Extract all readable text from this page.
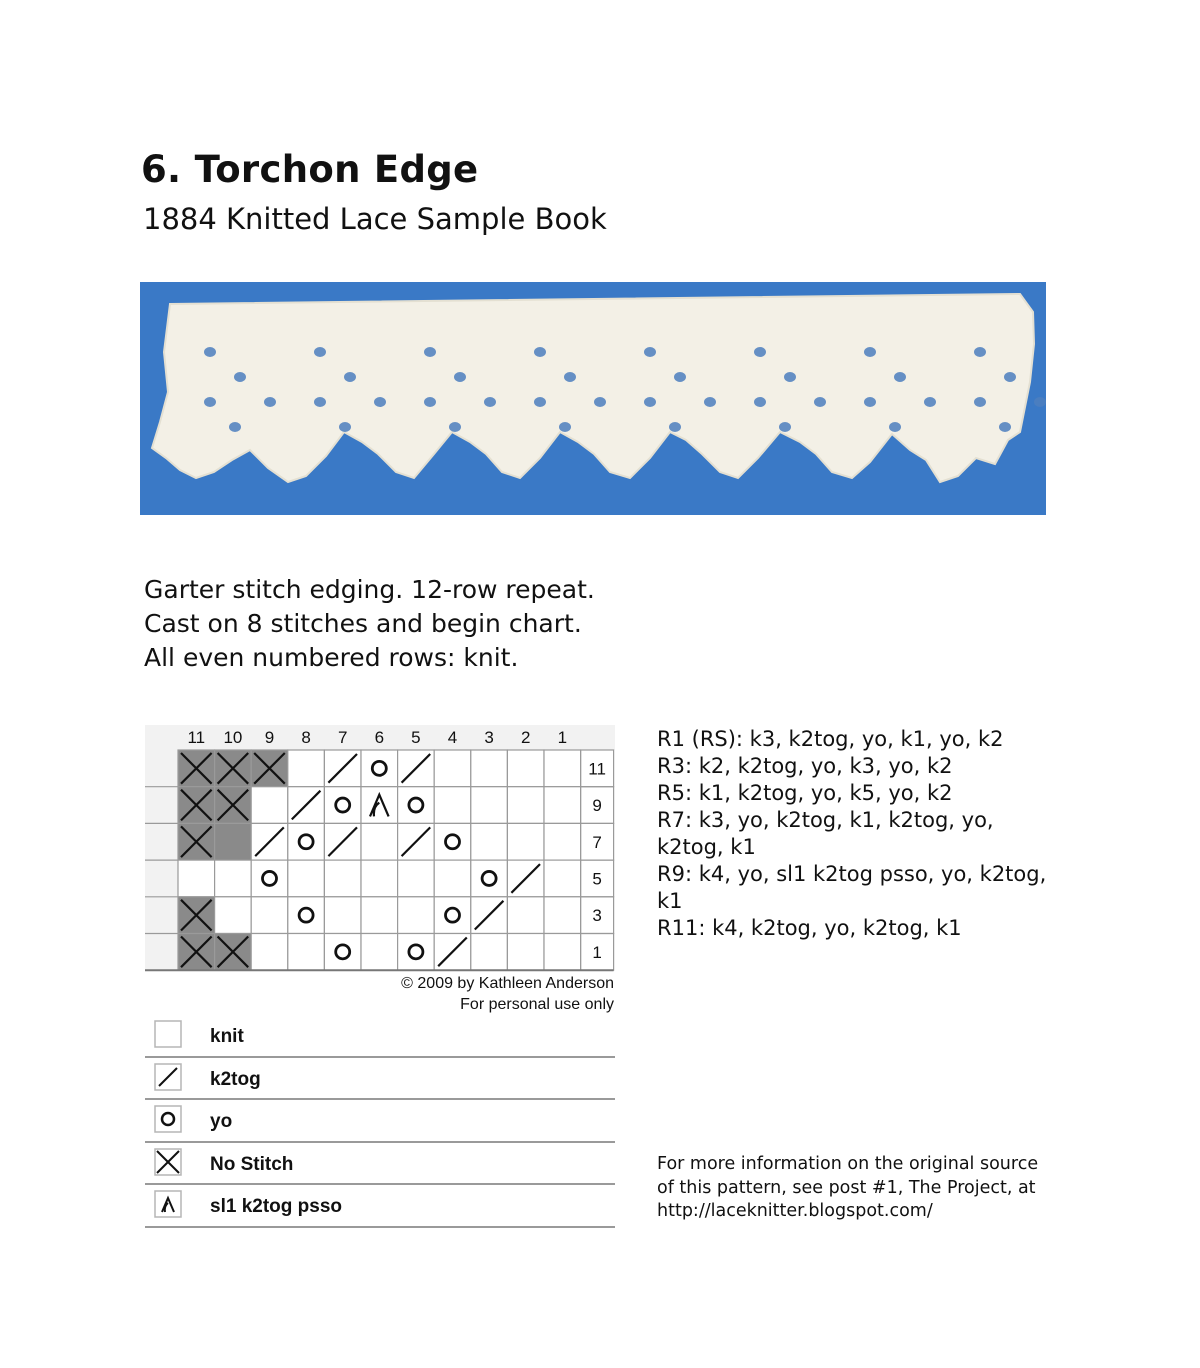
6. Torchon Edge
1884 Knitted Lace Sample Book
Garter stitch edging. 12-row repeat.
Cast on 8 stitches and begin chart.
All even numbered rows: knit.
11 10 9 8 7 6 5 4 3 2 1
11
9
7
5
3
1
© 2009 by Kathleen Anderson
For personal use only
knit
k2tog
yo
No Stitch
sl1 k2tog psso
R1 (RS): k3, k2tog, yo, k1, yo, k2
R3: k2, k2tog, yo, k3, yo, k2
R5: k1, k2tog, yo, k5, yo, k2
R7: k3, yo, k2tog, k1, k2tog, yo,
k2tog, k1
R9: k4, yo, sl1 k2tog psso, yo, k2tog,
k1
R11: k4, k2tog, yo, k2tog, k1
For more information on the original source
of this pattern, see post #1, The Project, at
http://laceknitter.blogspot.com/
